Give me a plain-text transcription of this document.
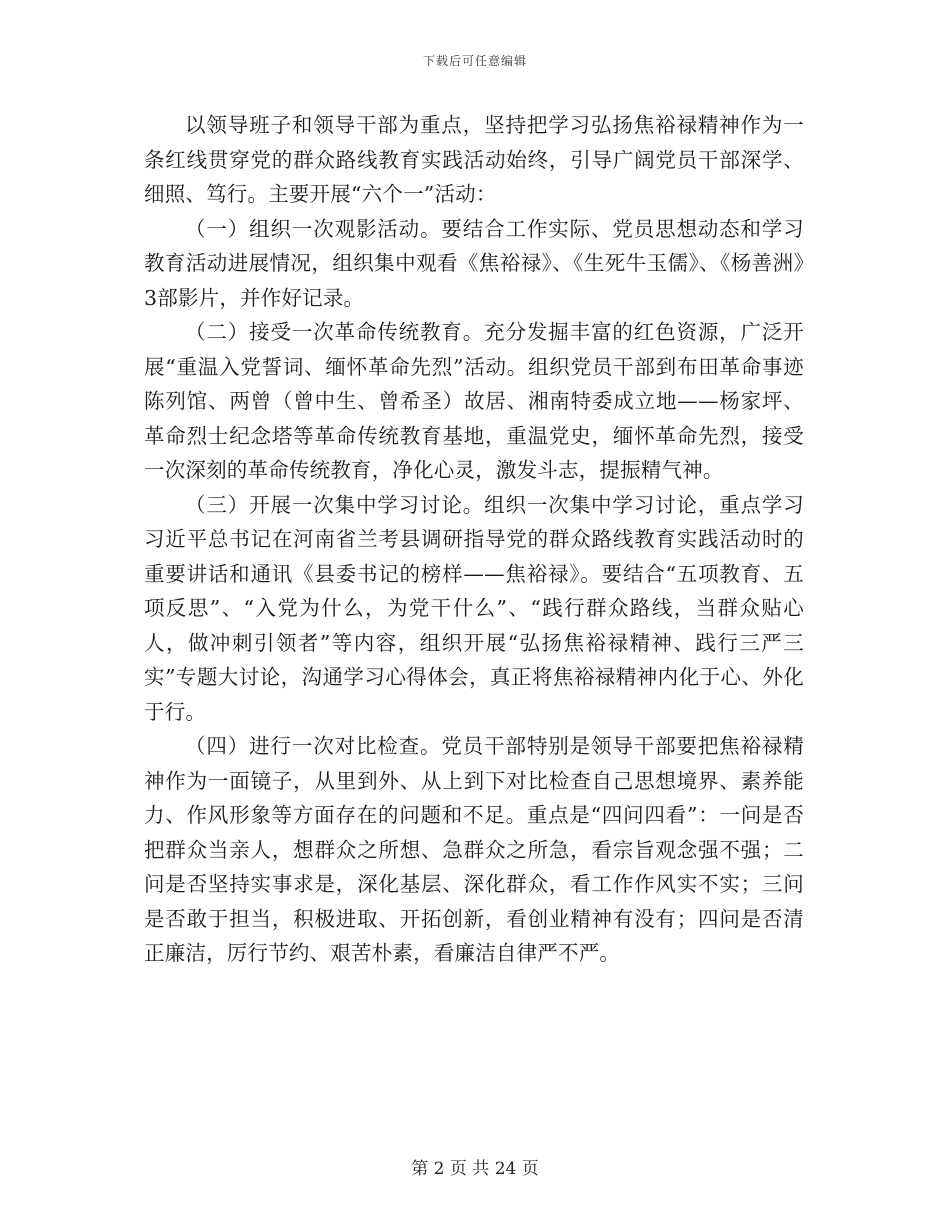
下载后可任意编辑

以领导班子和领导干部为重点，坚持把学习弘扬焦裕禄精神作为一条红线贯穿党的群众路线教育实践活动始终，引导广阔党员干部深学、细照、笃行。主要开展“六个一”活动：

（一）组织一次观影活动。要结合工作实际、党员思想动态和学习教育活动进展情况，组织集中观看《焦裕禄》、《生死牛玉儒》、《杨善洲》3部影片，并作好记录。

（二）接受一次革命传统教育。充分发掘丰富的红色资源，广泛开展“重温入党誓词、缅怀革命先烈”活动。组织党员干部到布田革命事迹陈列馆、两曾（曾中生、曾希圣）故居、湘南特委成立地——杨家坪、革命烈士纪念塔等革命传统教育基地，重温党史，缅怀革命先烈，接受一次深刻的革命传统教育，净化心灵，激发斗志，提振精气神。

（三）开展一次集中学习讨论。组织一次集中学习讨论，重点学习习近平总书记在河南省兰考县调研指导党的群众路线教育实践活动时的重要讲话和通讯《县委书记的榜样——焦裕禄》。要结合“五项教育、五项反思”、“入党为什么，为党干什么”、“践行群众路线，当群众贴心人，做冲刺引领者”等内容，组织开展“弘扬焦裕禄精神、践行三严三实”专题大讨论，沟通学习心得体会，真正将焦裕禄精神内化于心、外化于行。

（四）进行一次对比检查。党员干部特别是领导干部要把焦裕禄精神作为一面镜子，从里到外、从上到下对比检查自己思想境界、素养能力、作风形象等方面存在的问题和不足。重点是“四问四看”：一问是否把群众当亲人，想群众之所想、急群众之所急，看宗旨观念强不强；二问是否坚持实事求是，深化基层、深化群众，看工作作风实不实；三问是否敢于担当，积极进取、开拓创新，看创业精神有没有；四问是否清正廉洁，厉行节约、艰苦朴素，看廉洁自律严不严。

第 2 页 共 24 页
